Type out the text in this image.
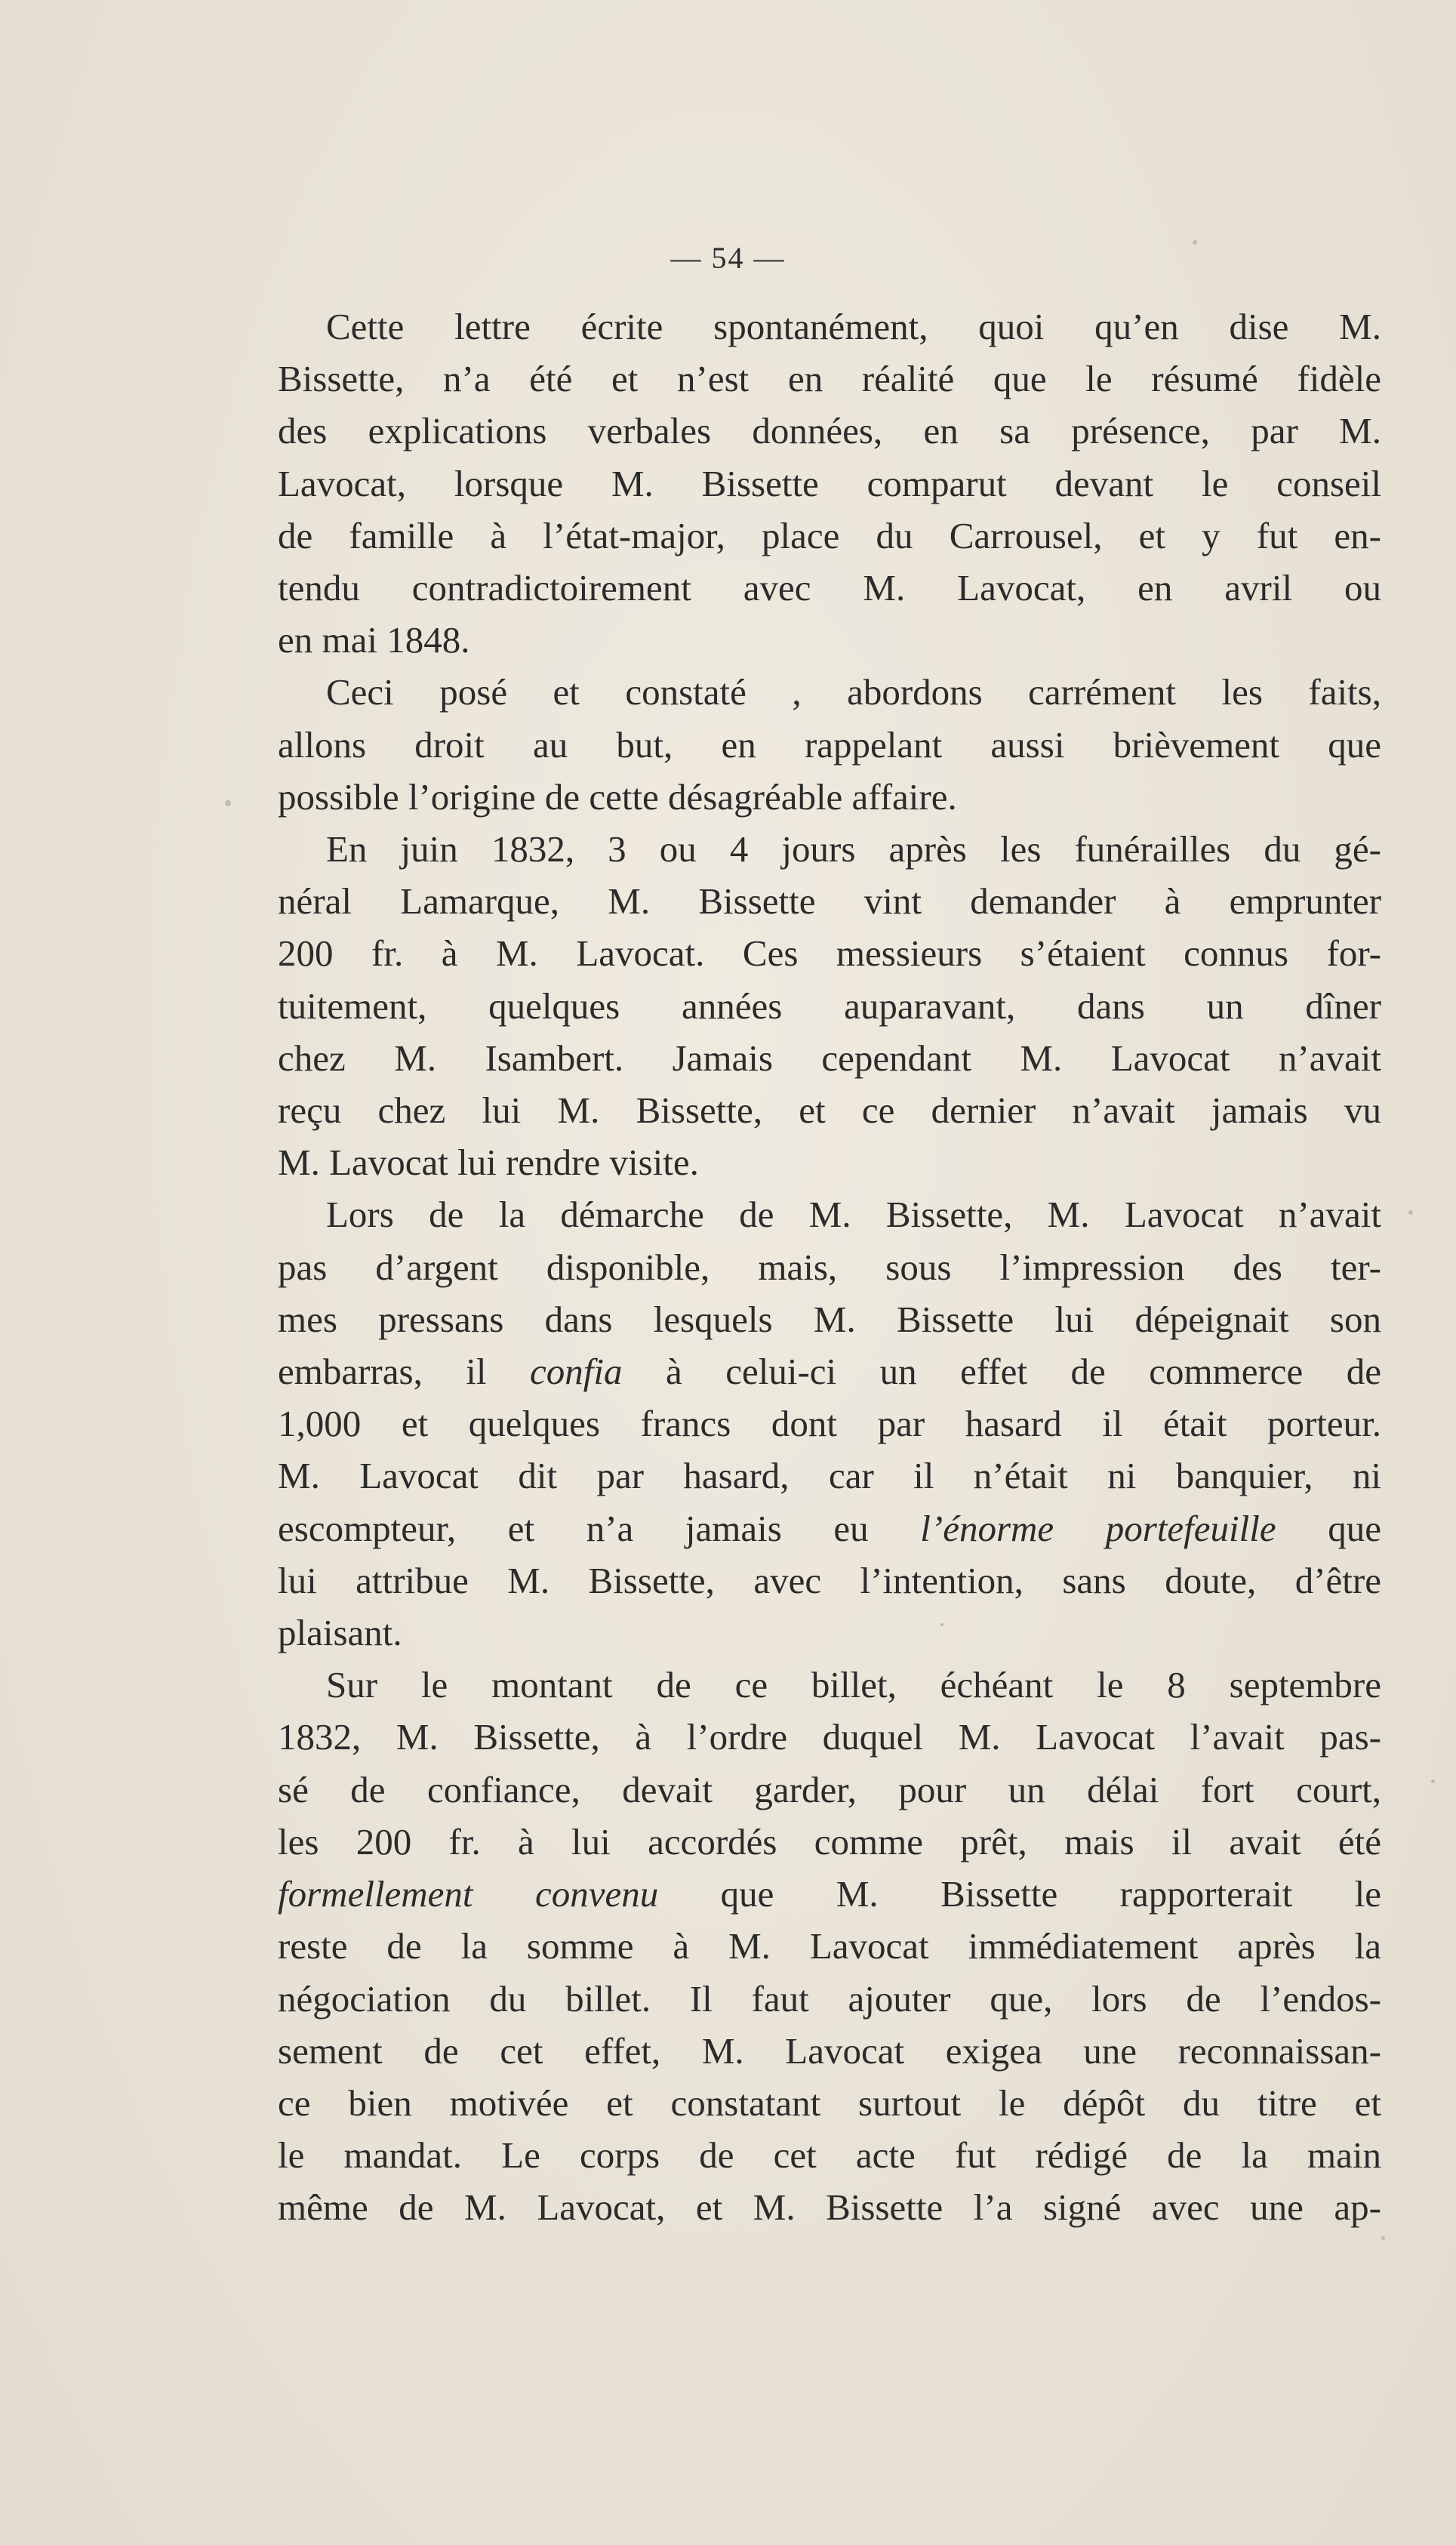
— 54 —
Cette lettre écrite spontanément, quoi qu’en dise M.
Bissette, n’a été et n’est en réalité que le résumé fidèle
des explications verbales données, en sa présence, par M.
Lavocat, lorsque M. Bissette comparut devant le conseil
de famille à l’état-major, place du Carrousel, et y fut en-
tendu contradictoirement avec M. Lavocat, en avril ou
en mai 1848.
Ceci posé et constaté , abordons carrément les faits,
allons droit au but, en rappelant aussi brièvement que
possible l’origine de cette désagréable affaire.
En juin 1832, 3 ou 4 jours après les funérailles du gé-
néral Lamarque, M. Bissette vint demander à emprunter
200 fr. à M. Lavocat. Ces messieurs s’étaient connus for-
tuitement, quelques années auparavant, dans un dîner
chez M. Isambert. Jamais cependant M. Lavocat n’avait
reçu chez lui M. Bissette, et ce dernier n’avait jamais vu
M. Lavocat lui rendre visite.
Lors de la démarche de M. Bissette, M. Lavocat n’avait
pas d’argent disponible, mais, sous l’impression des ter-
mes pressans dans lesquels M. Bissette lui dépeignait son
embarras, il confia à celui-ci un effet de commerce de
1,000 et quelques francs dont par hasard il était porteur.
M. Lavocat dit par hasard, car il n’était ni banquier, ni
escompteur, et n’a jamais eu l’énorme portefeuille que
lui attribue M. Bissette, avec l’intention, sans doute, d’être
plaisant.
Sur le montant de ce billet, échéant le 8 septembre
1832, M. Bissette, à l’ordre duquel M. Lavocat l’avait pas-
sé de confiance, devait garder, pour un délai fort court,
les 200 fr. à lui accordés comme prêt, mais il avait été
formellement convenu que M. Bissette rapporterait le
reste de la somme à M. Lavocat immédiatement après la
négociation du billet. Il faut ajouter que, lors de l’endos-
sement de cet effet, M. Lavocat exigea une reconnaissan-
ce bien motivée et constatant surtout le dépôt du titre et
le mandat. Le corps de cet acte fut rédigé de la main
même de M. Lavocat, et M. Bissette l’a signé avec une ap-
